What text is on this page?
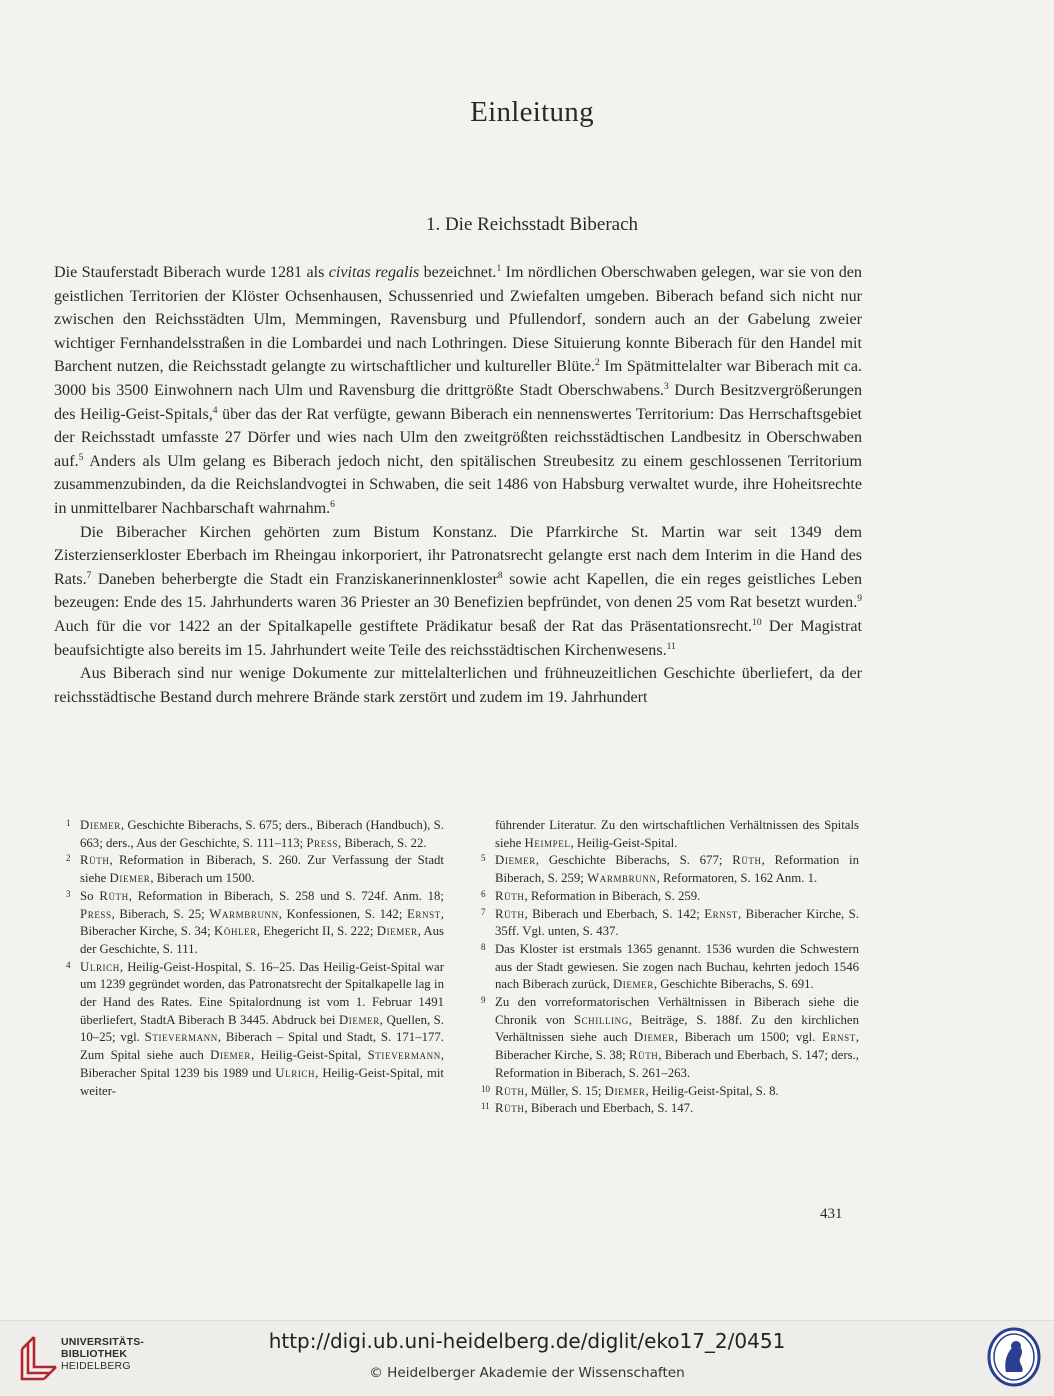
Einleitung
1. Die Reichsstadt Biberach

Die Stauferstadt Biberach wurde 1281 als civitas regalis bezeichnet.$^1$ Im nördlichen Oberschwaben gelegen, war sie von den geistlichen Territorien der Klöster Ochsenhausen, Schussenried und Zwiefalten umgeben. Biberach befand sich nicht nur zwischen den Reichsstädten Ulm, Memmingen, Ravensburg und Pfullendorf, sondern auch an der Gabelung zweier wichtiger Fernhandelsstraßen in die Lombardei und nach Lothringen. Diese Situierung konnte Biberach für den Handel mit Barchent nutzen, die Reichsstadt gelangte zu wirtschaftlicher und kultureller Blüte.$^2$ Im Spätmittelalter war Biberach mit ca. 3000 bis 3500 Einwohnern nach Ulm und Ravensburg die drittgrößte Stadt Oberschwabens.$^3$ Durch Besitzvergrößerungen des Heilig-Geist-Spitals,$^4$ über das der Rat verfügte, gewann Biberach ein nennenswertes Territorium: Das Herrschaftsgebiet der Reichsstadt umfasste 27 Dörfer und wies nach Ulm den zweitgrößten reichsstädtischen Landbesitz in Oberschwaben auf.$^5$ Anders als Ulm gelang es Biberach jedoch nicht, den spitälischen Streubesitz zu einem geschlossenen Territorium zusammenzubinden, da die Reichslandvogtei in Schwaben, die seit 1486 von Habsburg verwaltet wurde, ihre Hoheitsrechte in unmittelbarer Nachbarschaft wahrnahm.$^6$

Die Biberacher Kirchen gehörten zum Bistum Konstanz. Die Pfarrkirche St. Martin war seit 1349 dem Zisterzienserkloster Eberbach im Rheingau inkorporiert, ihr Patronatsrecht gelangte erst nach dem Interim in die Hand des Rats.$^7$ Daneben beherbergte die Stadt ein Franziskanerinnenkloster$^8$ sowie acht Kapellen, die ein reges geistliches Leben bezeugen: Ende des 15. Jahrhunderts waren 36 Priester an 30 Benefizien bepfründet, von denen 25 vom Rat besetzt wurden.$^9$ Auch für die vor 1422 an der Spitalkapelle gestiftete Prädikatur besaß der Rat das Präsentationsrecht.$^{10}$ Der Magistrat beaufsichtigte also bereits im 15. Jahrhundert weite Teile des reichsstädtischen Kirchenwesens.$^{11}$

Aus Biberach sind nur wenige Dokumente zur mittelalterlichen und frühneuzeitlichen Geschichte überliefert, da der reichsstädtische Bestand durch mehrere Brände stark zerstört und zudem im 19. Jahrhundert

1 Diemer, Geschichte Biberachs, S. 675; ders., Biberach (Handbuch), S. 663; ders., Aus der Geschichte, S. 111–113; Press, Biberach, S. 22.

2 Rüth, Reformation in Biberach, S. 260. Zur Verfassung der Stadt siehe Diemer, Biberach um 1500.

3 So Rüth, Reformation in Biberach, S. 258 und S. 724f. Anm. 18; Press, Biberach, S. 25; Warmbrunn, Konfessionen, S. 142; Ernst, Biberacher Kirche, S. 34; Köhler, Ehegericht II, S. 222; Diemer, Aus der Geschichte, S. 111.

4 Ulrich, Heilig-Geist-Hospital, S. 16–25. Das Heilig-Geist-Spital war um 1239 gegründet worden, das Patronatsrecht der Spitalkapelle lag in der Hand des Rates. Eine Spitalordnung ist vom 1. Februar 1491 überliefert, StadtA Biberach B 3445. Abdruck bei Diemer, Quellen, S. 10–25; vgl. Stievermann, Biberach – Spital und Stadt, S. 171–177. Zum Spital siehe auch Diemer, Heilig-Geist-Spital, Stievermann, Biberacher Spital 1239 bis 1989 und Ulrich, Heilig-Geist-Spital, mit weiter-

führender Literatur. Zu den wirtschaftlichen Verhältnissen des Spitals siehe Heimpel, Heilig-Geist-Spital.

5 Diemer, Geschichte Biberachs, S. 677; Rüth, Reformation in Biberach, S. 259; Warmbrunn, Reformatoren, S. 162 Anm. 1.

6 Rüth, Reformation in Biberach, S. 259.

7 Rüth, Biberach und Eberbach, S. 142; Ernst, Biberacher Kirche, S. 35ff. Vgl. unten, S. 437.

8 Das Kloster ist erstmals 1365 genannt. 1536 wurden die Schwestern aus der Stadt gewiesen. Sie zogen nach Buchau, kehrten jedoch 1546 nach Biberach zurück, Diemer, Geschichte Biberachs, S. 691.

9 Zu den vorreformatorischen Verhältnissen in Biberach siehe die Chronik von Schilling, Beiträge, S. 188f. Zu den kirchlichen Verhältnissen siehe auch Diemer, Biberach um 1500; vgl. Ernst, Biberacher Kirche, S. 38; Rüth, Biberach und Eberbach, S. 147; ders., Reformation in Biberach, S. 261–263.

10 Rüth, Müller, S. 15; Diemer, Heilig-Geist-Spital, S. 8.

11 Rüth, Biberach und Eberbach, S. 147.

431
UNIVERSITÄTS-
BIBLIOTHEK
HEIDELBERG
http://digi.ub.uni-heidelberg.de/diglit/eko17_2/0451
© Heidelberger Akademie der Wissenschaften
